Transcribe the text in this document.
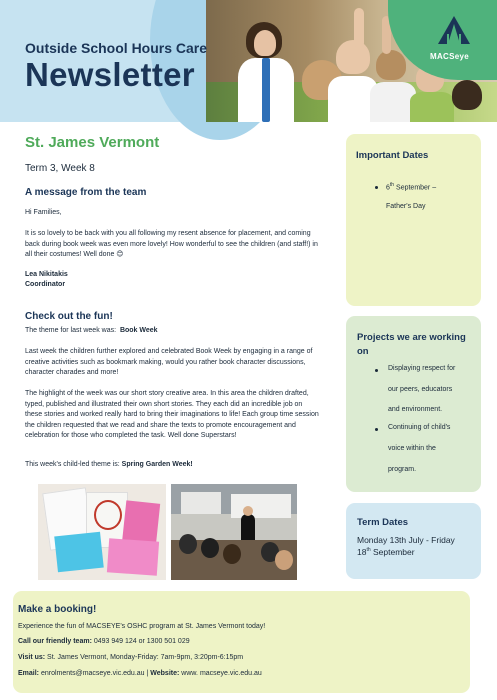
MACSeye
Outside School Hours Care
Newsletter
St. James Vermont
Term 3, Week 8
A message from the team

Hi Families,

It is so lovely to be back with you all following my resent absence for placement, and coming back during book week was even more lovely! How wonderful to see the children (and staff!) in all their costumes! Well done 😊

Lea Nikitakis

Coordinator

Check out the fun!

The theme for last week was: Book Week

Last week the children further explored and celebrated Book Week by engaging in a range of creative activities such as bookmark making, would you rather book character discussions, character charades and more!

The highlight of the week was our short story creative area. In this area the children drafted, typed, published and illustrated their own short stories. They each did an incredible job on these stories and worked really hard to bring their imaginations to life! Each group time session the children requested that we read and share the texts to promote encouragement and celebration for those who completed the task. Well done Superstars!

This week's child-led theme is: Spring Garden Week!

Important Dates
6th September –
Father's Day
Projects we are working
on
Displaying respect for
our peers, educators
and environment.
Continuing of child's
voice within the
program.
Term Dates
Monday 13th July - Friday
18th September
Make a booking!
Experience the fun of MACSEYE's OSHC program at St. James Vermont today!
Call our friendly team: 0493 949 124 or 1300 501 029
Visit us: St. James Vermont, Monday-Friday: 7am-9pm, 3:20pm-6:15pm
Email: enrolments@macseye.vic.edu.au | Website: www. macseye.vic.edu.au
